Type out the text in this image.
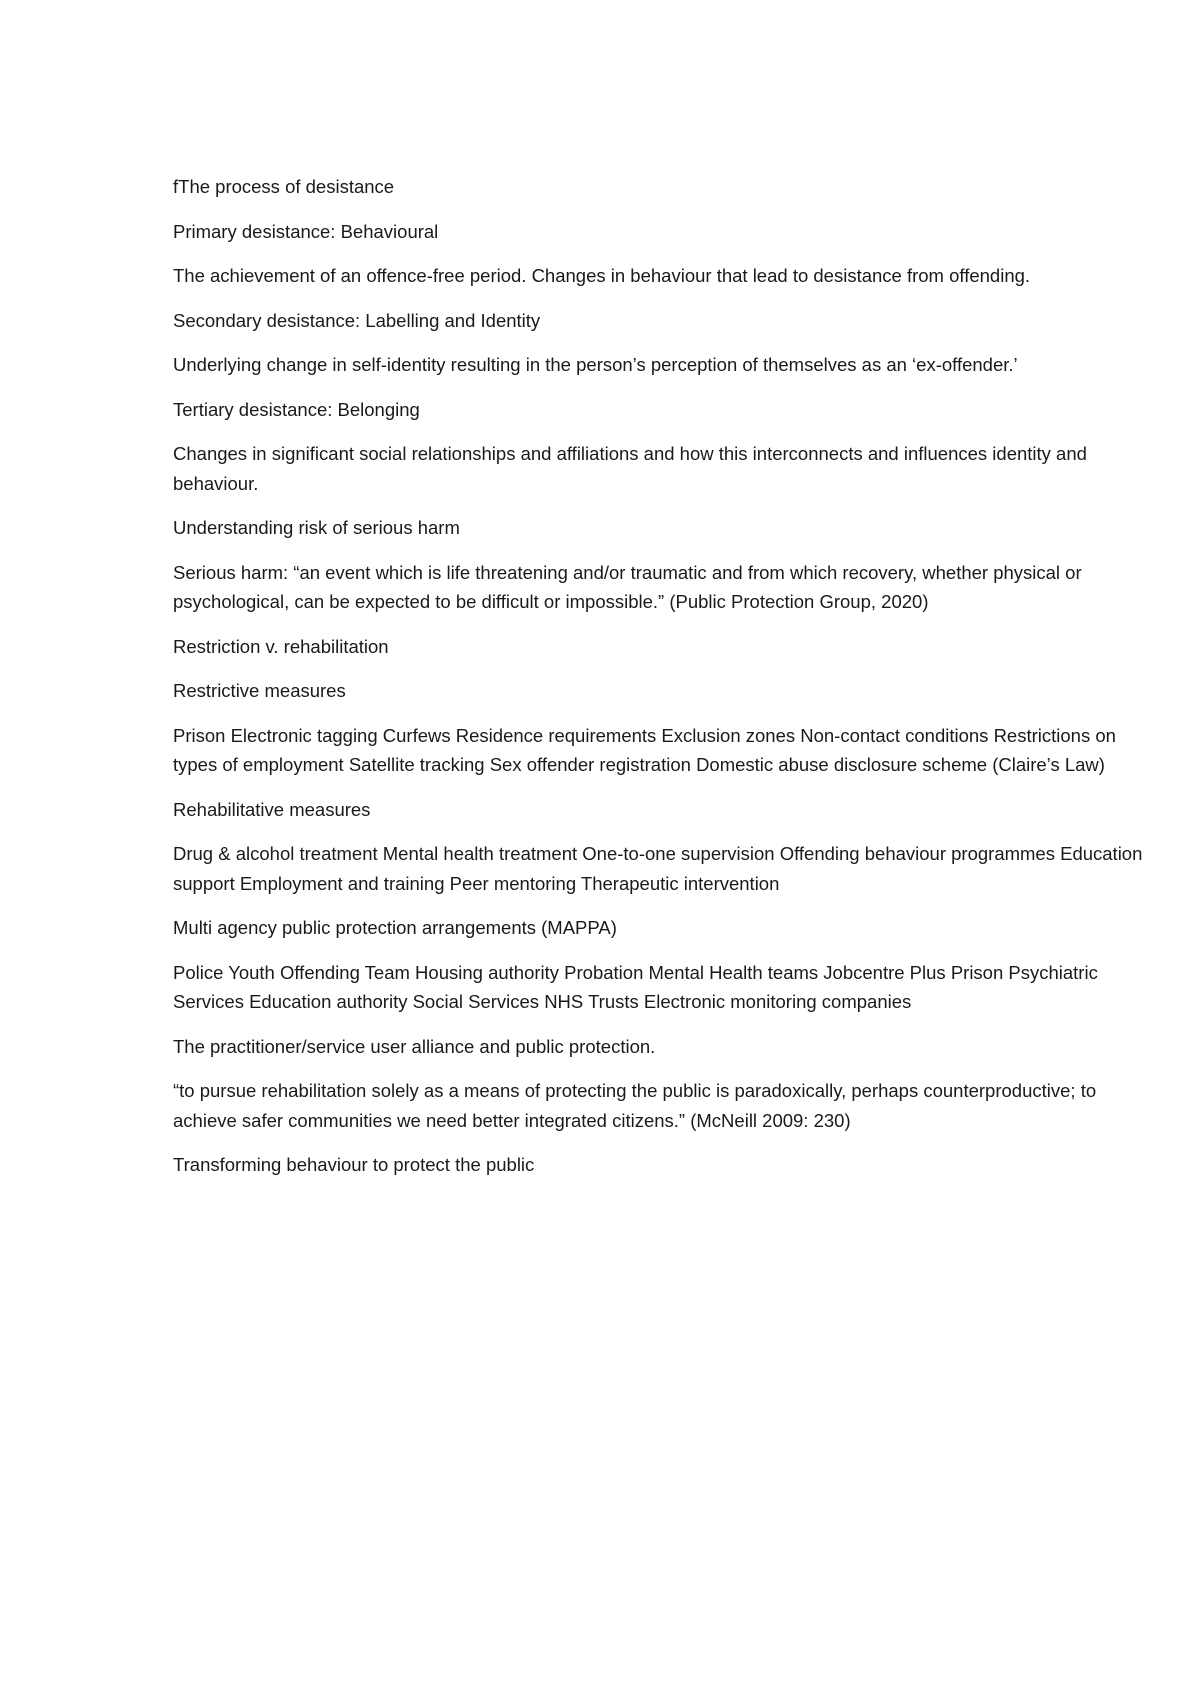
fThe process of desistance

Primary desistance: Behavioural

The achievement of an offence-free period. Changes in behaviour that lead to desistance from offending.

Secondary desistance: Labelling and Identity

Underlying change in self-identity resulting in the person’s perception of themselves as an ‘ex-offender.’

Tertiary desistance: Belonging

Changes in significant social relationships and affiliations and how this interconnects and influences identity and behaviour.

Understanding risk of serious harm

Serious harm: “an event which is life threatening and/or traumatic and from which recovery, whether physical or psychological, can be expected to be difficult or impossible.” (Public Protection Group, 2020)

Restriction v. rehabilitation

Restrictive measures

Prison Electronic tagging Curfews Residence requirements Exclusion zones Non-contact conditions Restrictions on types of employment Satellite tracking Sex offender registration Domestic abuse disclosure scheme (Claire’s Law)

Rehabilitative measures

Drug & alcohol treatment Mental health treatment One-to-one supervision Offending behaviour programmes Education support Employment and training Peer mentoring Therapeutic intervention

Multi agency public protection arrangements (MAPPA)

Police Youth Offending Team Housing authority Probation Mental Health teams Jobcentre Plus Prison Psychiatric Services Education authority Social Services NHS Trusts Electronic monitoring companies

The practitioner/service user alliance and public protection.

“to pursue rehabilitation solely as a means of protecting the public is paradoxically, perhaps counterproductive; to achieve safer communities we need better integrated citizens.” (McNeill 2009: 230)

Transforming behaviour to protect the public
